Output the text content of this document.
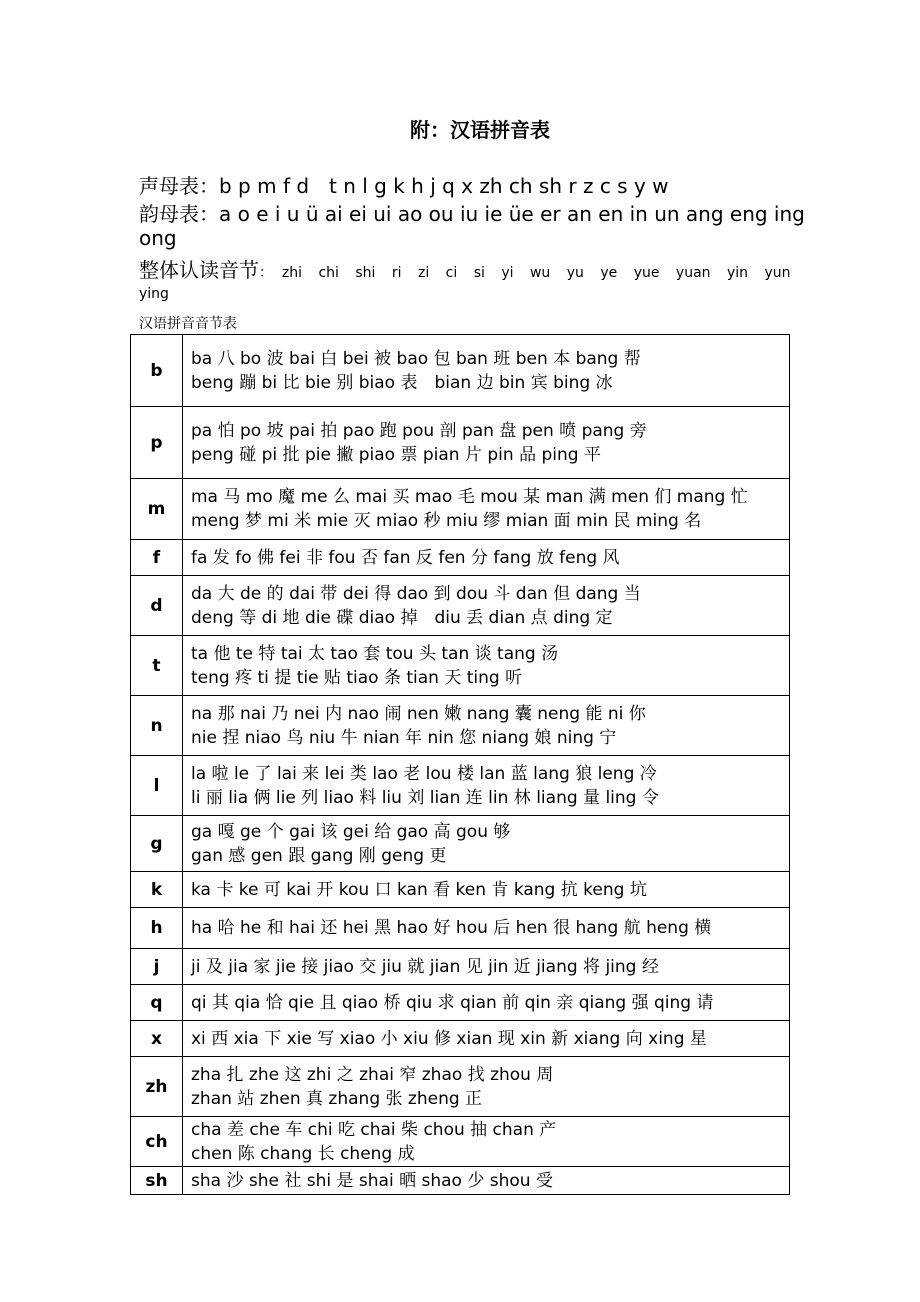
附：汉语拼音表
声母表：b p m f d　t n l g k h j q x zh ch sh r z c s y w
韵母表：a o e i u ü ai ei ui ao ou iu ie üe er an en in un ang eng ing
ong
整体认读音节： zhi chi shi ri zi ci si yi wu yu ye yue yuan yin yun
ying
汉语拼音音节表
b	ba 八 bo 波 bai 白 bei 被 bao 包 ban 班 ben 本 bang 帮
beng 蹦 bi 比 bie 别 biao 表　bian 边 bin 宾 bing 冰

p	pa 怕 po 坡 pai 拍 pao 跑 pou 剖 pan 盘 pen 喷 pang 旁
peng 碰 pi 批 pie 撇 piao 票 pian 片 pin 品 ping 平

m	ma 马 mo 魔 me 么 mai 买 mao 毛 mou 某 man 满 men 们 mang 忙
meng 梦 mi 米 mie 灭 miao 秒 miu 缪 mian 面 min 民 ming 名

f	fa 发 fo 佛 fei 非 fou 否 fan 反 fen 分 fang 放 feng 风

d	da 大 de 的 dai 带 dei 得 dao 到 dou 斗 dan 但 dang 当
deng 等 di 地 die 碟 diao 掉　diu 丢 dian 点 ding 定

t	ta 他 te 特 tai 太 tao 套 tou 头 tan 谈 tang 汤
teng 疼 ti 提 tie 贴 tiao 条 tian 天 ting 听

n	na 那 nai 乃 nei 内 nao 闹 nen 嫩 nang 囊 neng 能 ni 你
nie 捏 niao 鸟 niu 牛 nian 年 nin 您 niang 娘 ning 宁

l	la 啦 le 了 lai 来 lei 类 lao 老 lou 楼 lan 蓝 lang 狼 leng 冷
li 丽 lia 俩 lie 列 liao 料 liu 刘 lian 连 lin 林 liang 量 ling 令

g	ga 嘎 ge 个 gai 该 gei 给 gao 高 gou 够
gan 感 gen 跟 gang 刚 geng 更

k	ka 卡 ke 可 kai 开 kou 口 kan 看 ken 肯 kang 抗 keng 坑

h	ha 哈 he 和 hai 还 hei 黑 hao 好 hou 后 hen 很 hang 航 heng 横

j	ji 及 jia 家 jie 接 jiao 交 jiu 就 jian 见 jin 近 jiang 将 jing 经

q	qi 其 qia 恰 qie 且 qiao 桥 qiu 求 qian 前 qin 亲 qiang 强 qing 请

x	xi 西 xia 下 xie 写 xiao 小 xiu 修 xian 现 xin 新 xiang 向 xing 星

zh	zha 扎 zhe 这 zhi 之 zhai 窄 zhao 找 zhou 周
zhan 站 zhen 真 zhang 张 zheng 正

ch	cha 差 che 车 chi 吃 chai 柴 chou 抽 chan 产
chen 陈 chang 长 cheng 成

sh	sha 沙 she 社 shi 是 shai 晒 shao 少 shou 受
